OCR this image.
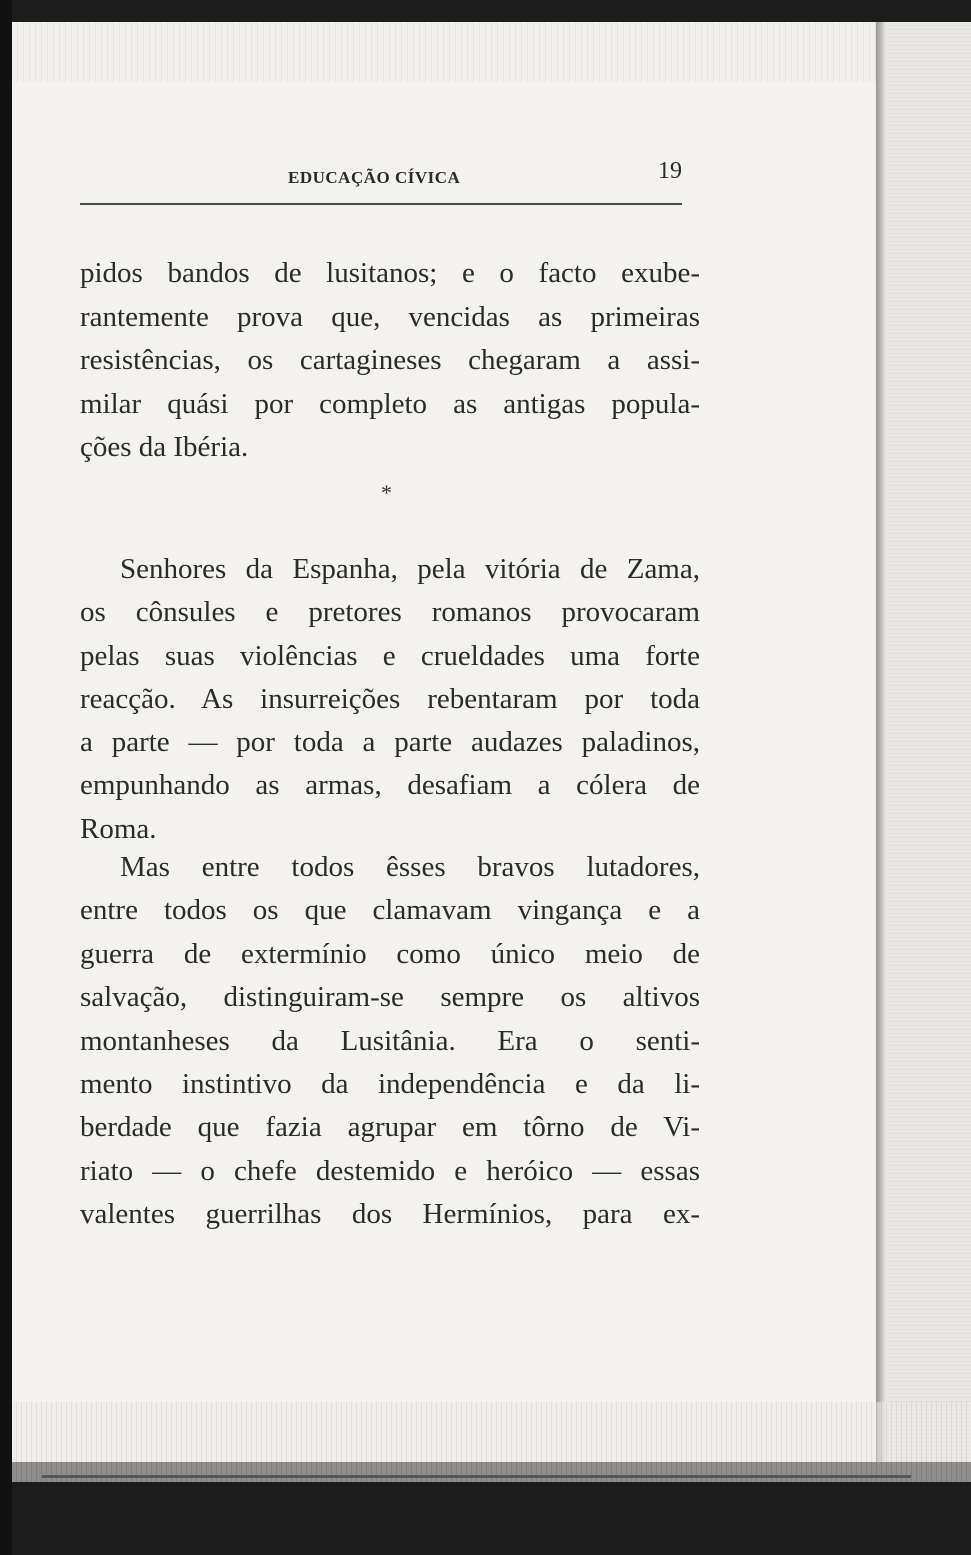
EDUCAÇÃO CÍVICA	19
pidos bandos de lusitanos; e o facto exube-
rantemente prova que, vencidas as primeiras
resistências, os cartagineses chegaram a assi-
milar quási por completo as antigas popula-
ções da Ibéria.
*
Senhores da Espanha, pela vitória de Zama,
os cônsules e pretores romanos provocaram
pelas suas violências e crueldades uma forte
reacção. As insurreições rebentaram por toda
a parte — por toda a parte audazes paladinos,
empunhando as armas, desafiam a cólera de
Roma.
Mas entre todos êsses bravos lutadores,
entre todos os que clamavam vingança e a
guerra de extermínio como único meio de
salvação, distinguiram-se sempre os altivos
montanheses da Lusitânia. Era o senti-
mento instintivo da independência e da li-
berdade que fazia agrupar em tôrno de Vi-
riato — o chefe destemido e heróico — essas
valentes guerrilhas dos Hermínios, para ex-
